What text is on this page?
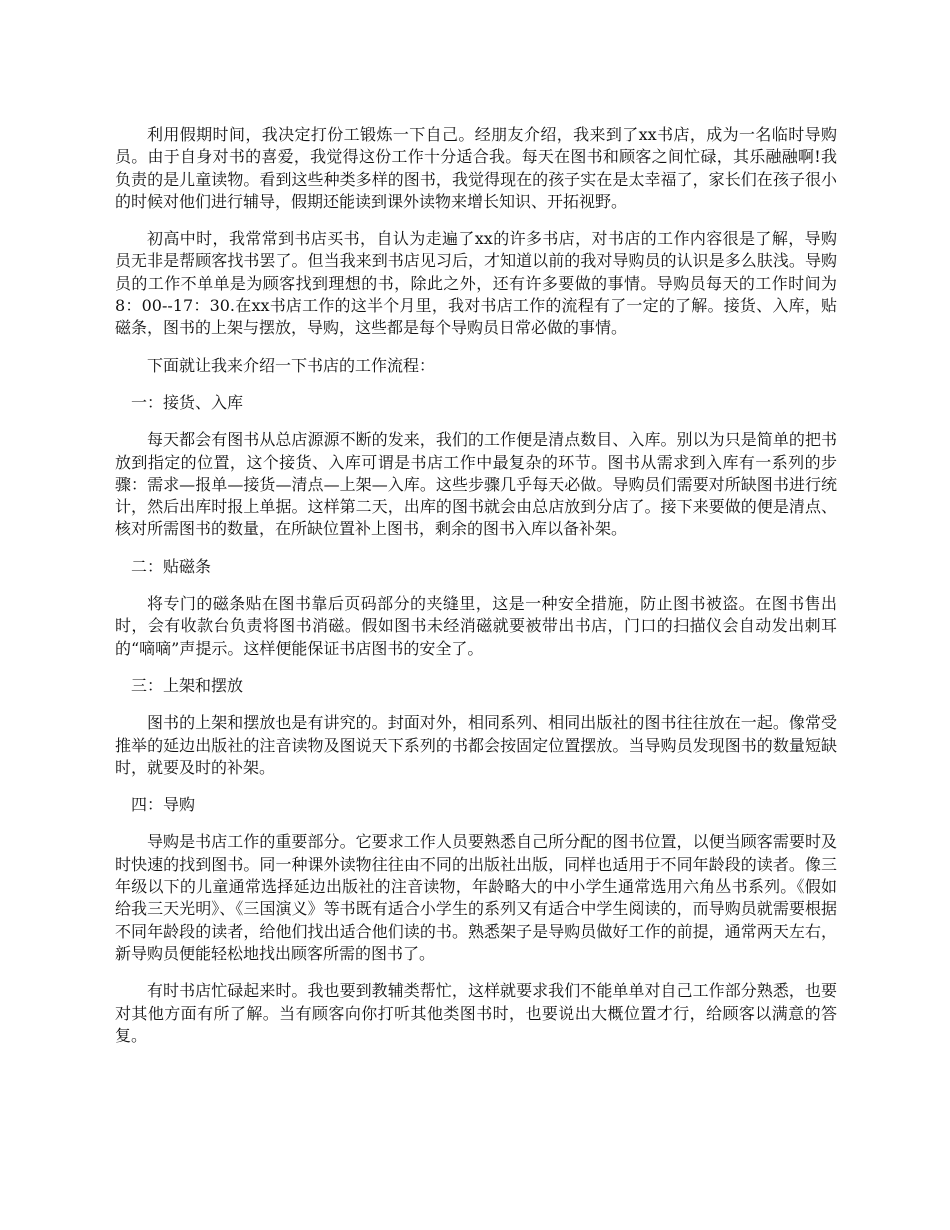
利用假期时间，我决定打份工锻炼一下自己。经朋友介绍，我来到了xx书店，成为一名临时导购员。由于自身对书的喜爱，我觉得这份工作十分适合我。每天在图书和顾客之间忙碌，其乐融融啊!我负责的是儿童读物。看到这些种类多样的图书，我觉得现在的孩子实在是太幸福了，家长们在孩子很小的时候对他们进行辅导，假期还能读到课外读物来增长知识、开拓视野。

初高中时，我常常到书店买书，自认为走遍了xx的许多书店，对书店的工作内容很是了解，导购员无非是帮顾客找书罢了。但当我来到书店见习后，才知道以前的我对导购员的认识是多么肤浅。导购员的工作不单单是为顾客找到理想的书，除此之外，还有许多要做的事情。导购员每天的工作时间为8：00--17：30.在xx书店工作的这半个月里，我对书店工作的流程有了一定的了解。接货、入库，贴磁条，图书的上架与摆放，导购，这些都是每个导购员日常必做的事情。

下面就让我来介绍一下书店的工作流程：

一：接货、入库

每天都会有图书从总店源源不断的发来，我们的工作便是清点数目、入库。别以为只是简单的把书放到指定的位置，这个接货、入库可谓是书店工作中最复杂的环节。图书从需求到入库有一系列的步骤：需求—报单—接货—清点—上架—入库。这些步骤几乎每天必做。导购员们需要对所缺图书进行统计，然后出库时报上单据。这样第二天，出库的图书就会由总店放到分店了。接下来要做的便是清点、核对所需图书的数量，在所缺位置补上图书，剩余的图书入库以备补架。

二：贴磁条

将专门的磁条贴在图书靠后页码部分的夹缝里，这是一种安全措施，防止图书被盗。在图书售出时，会有收款台负责将图书消磁。假如图书未经消磁就要被带出书店，门口的扫描仪会自动发出刺耳的“嘀嘀”声提示。这样便能保证书店图书的安全了。

三：上架和摆放

图书的上架和摆放也是有讲究的。封面对外，相同系列、相同出版社的图书往往放在一起。像常受推举的延边出版社的注音读物及图说天下系列的书都会按固定位置摆放。当导购员发现图书的数量短缺时，就要及时的补架。

四：导购

导购是书店工作的重要部分。它要求工作人员要熟悉自己所分配的图书位置，以便当顾客需要时及时快速的找到图书。同一种课外读物往往由不同的出版社出版，同样也适用于不同年龄段的读者。像三年级以下的儿童通常选择延边出版社的注音读物，年龄略大的中小学生通常选用六角丛书系列。《假如给我三天光明》、《三国演义》等书既有适合小学生的系列又有适合中学生阅读的，而导购员就需要根据不同年龄段的读者，给他们找出适合他们读的书。熟悉架子是导购员做好工作的前提，通常两天左右，新导购员便能轻松地找出顾客所需的图书了。

有时书店忙碌起来时。我也要到教辅类帮忙，这样就要求我们不能单单对自己工作部分熟悉，也要对其他方面有所了解。当有顾客向你打听其他类图书时，也要说出大概位置才行，给顾客以满意的答复。
